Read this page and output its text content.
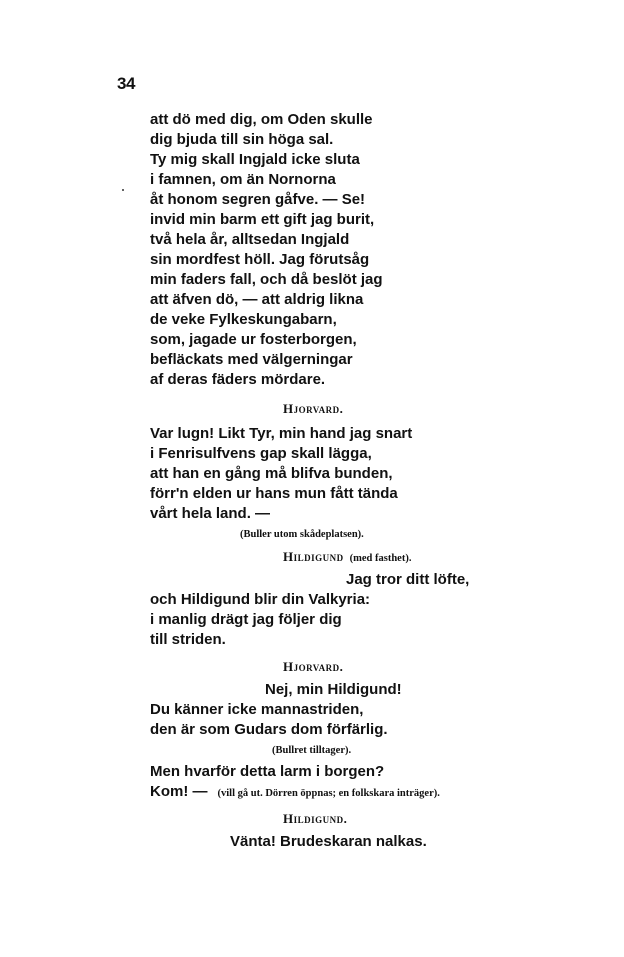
34
att dö med dig, om Oden skulle
dig bjuda till sin höga sal.
Ty mig skall Ingjald icke sluta
i famnen, om än Nornorna
åt honom segren gåfve. — Se!
invid min barm ett gift jag burit,
två hela år, alltsedan Ingjald
sin mordfest höll. Jag förutsåg
min faders fall, och då beslöt jag
att äfven dö, — att aldrig likna
de veke Fylkeskungabarn,
som, jagade ur fosterborgen,
befläckats med välgerningar
af deras fäders mördare.
Hjorvard.
Var lugn! Likt Tyr, min hand jag snart
i Fenrisulfvens gap skall lägga,
att han en gång må blifva bunden,
förr'n elden ur hans mun fått tända
vårt hela land. —
(Buller utom skådeplatsen).
Hildigund (med fasthet).
Jag tror ditt löfte,
och Hildigund blir din Valkyria:
i manlig drägt jag följer dig
till striden.
Hjorvard.
Nej, min Hildigund!
Du känner icke mannastriden,
den är som Gudars dom förfärlig.
(Bullret tilltager).
Men hvarför detta larm i borgen?
Kom! — (vill gå ut. Dörren öppnas; en folkskara inträger).
Hildigund.
Vänta! Brudeskaran nalkas.
